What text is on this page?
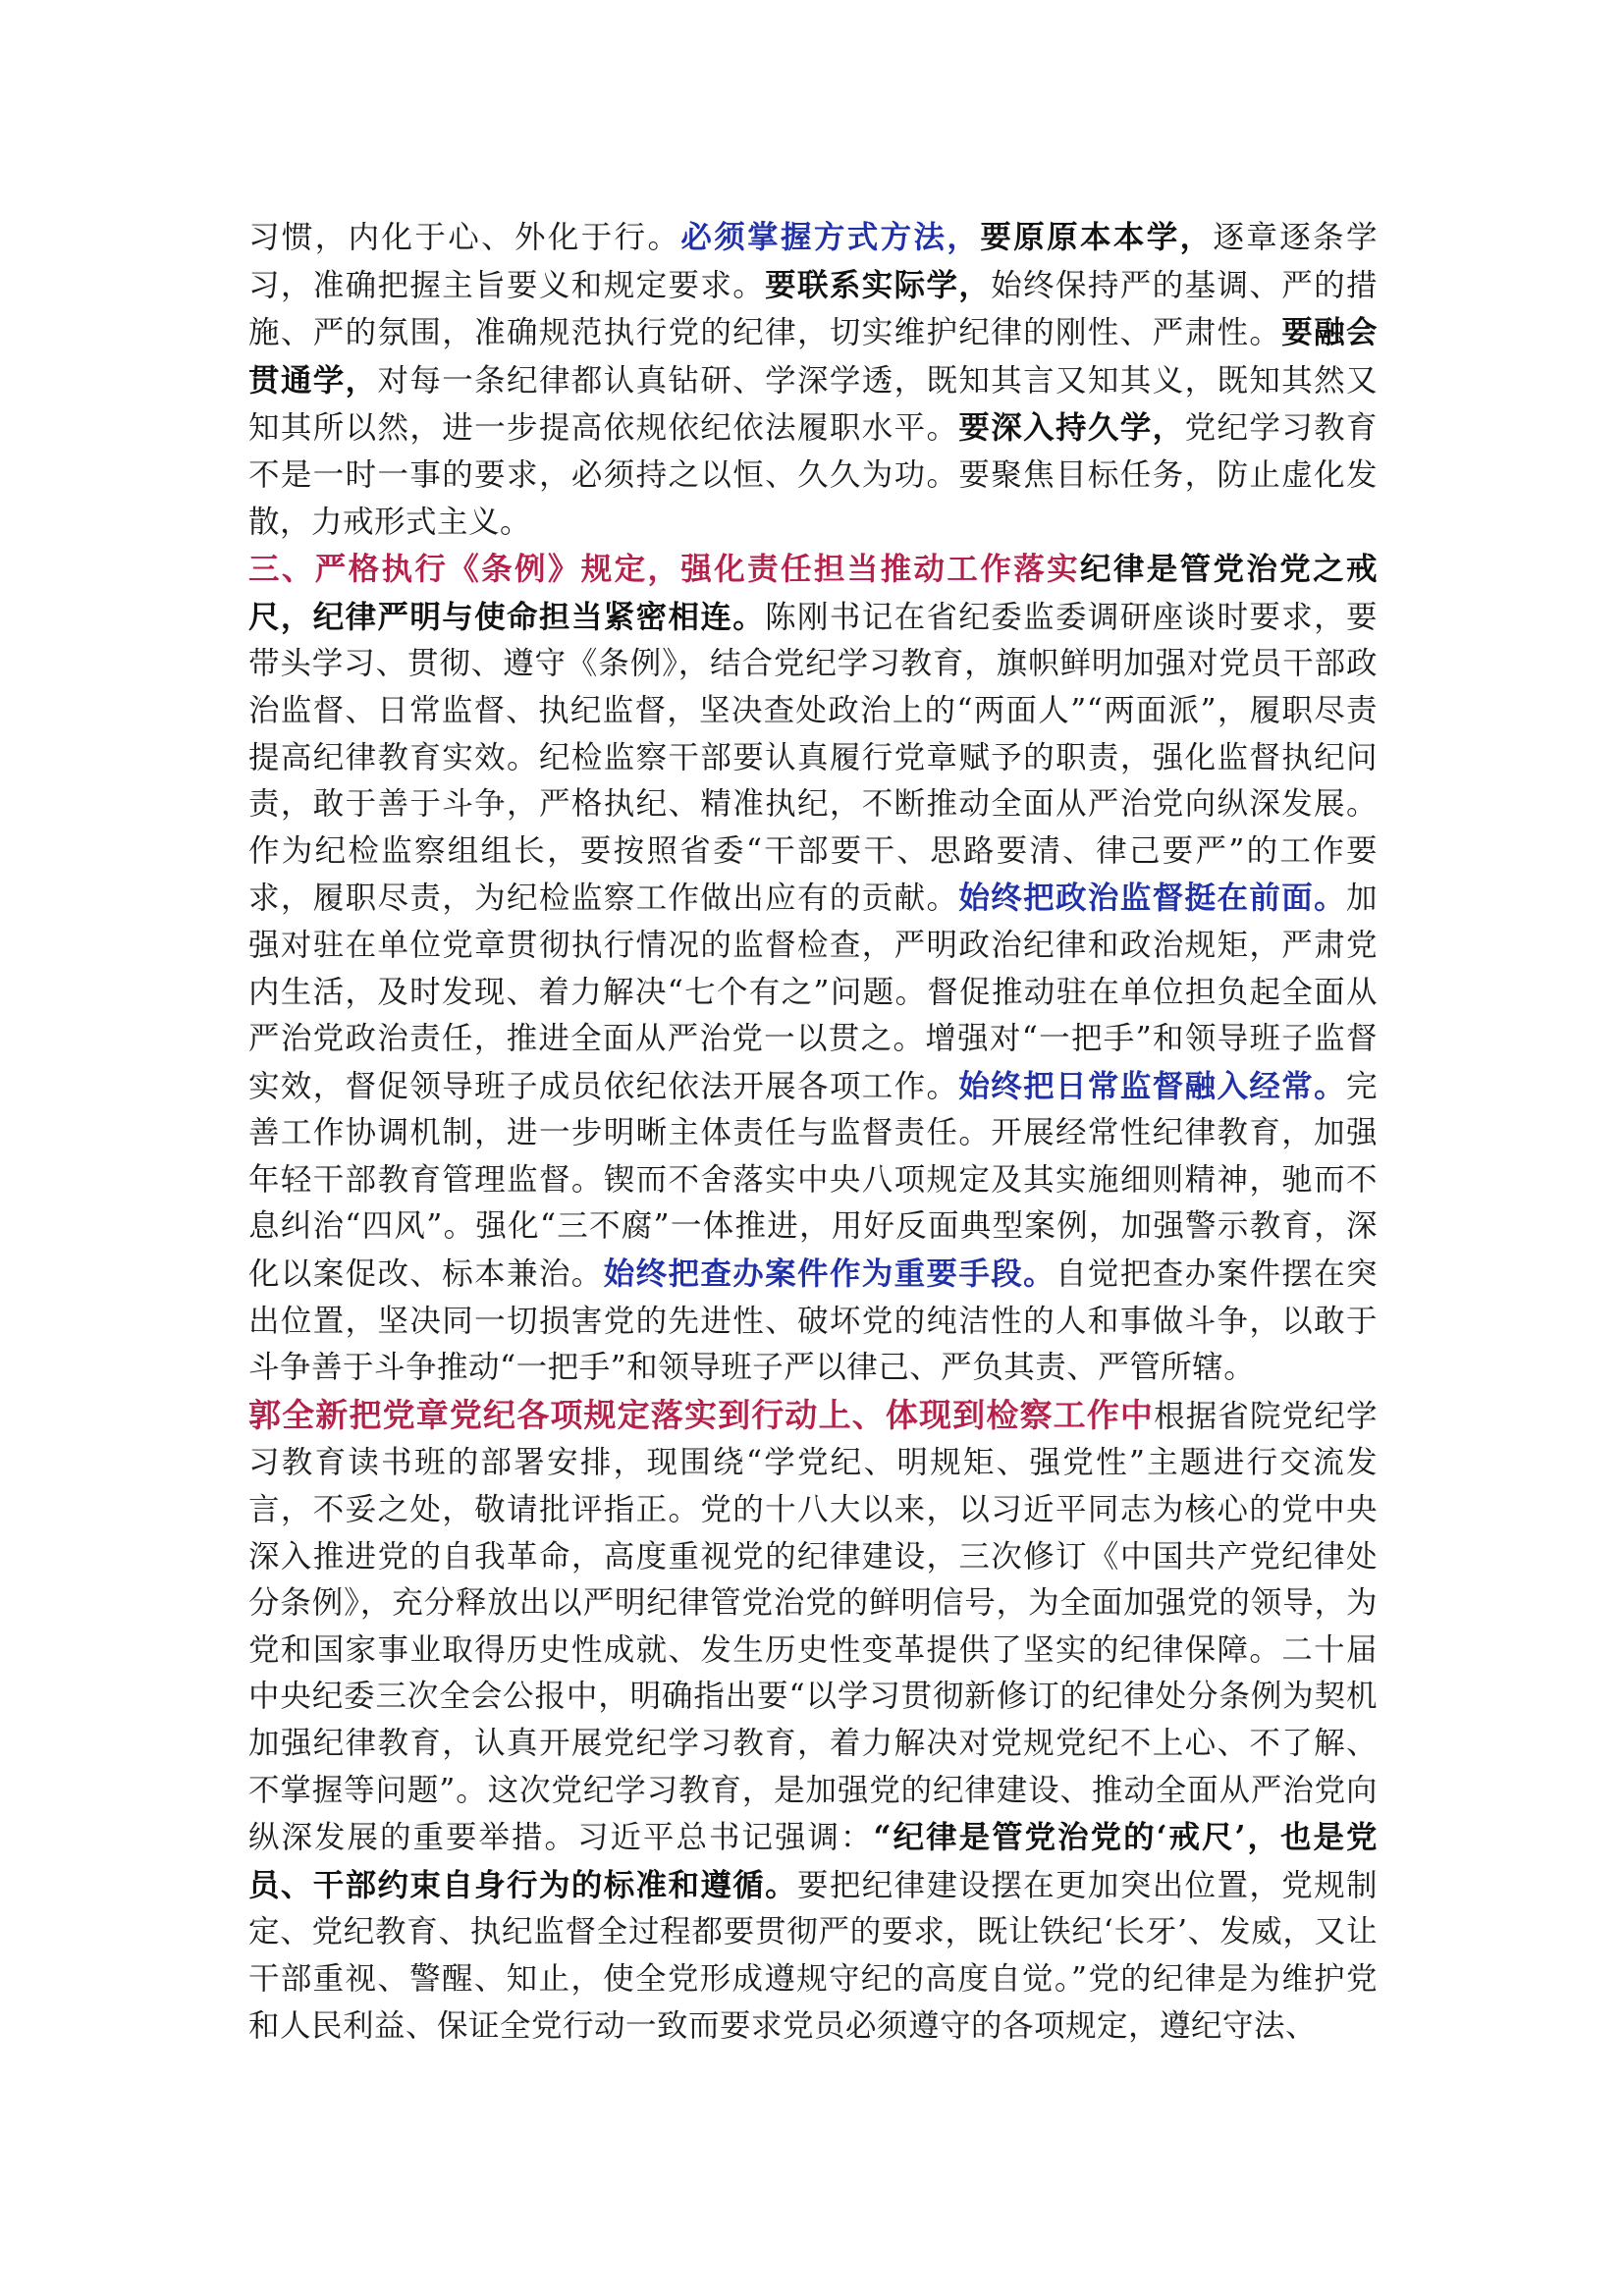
习惯，内化于心、外化于行。必须掌握方式方法，要原原本本学，逐章逐条学习，准确把握主旨要义和规定要求。要联系实际学，始终保持严的基调、严的措施、严的氛围，准确规范执行党的纪律，切实维护纪律的刚性、严肃性。要融会贯通学，对每一条纪律都认真钻研、学深学透，既知其言又知其义，既知其然又知其所以然，进一步提高依规依纪依法履职水平。要深入持久学，党纪学习教育不是一时一事的要求，必须持之以恒、久久为功。要聚焦目标任务，防止虚化发散，力戒形式主义。

三、严格执行《条例》规定，强化责任担当推动工作落实纪律是管党治党之戒尺，纪律严明与使命担当紧密相连。陈刚书记在省纪委监委调研座谈时要求，要带头学习、贯彻、遵守《条例》，结合党纪学习教育，旗帜鲜明加强对党员干部政治监督、日常监督、执纪监督，坚决查处政治上的“两面人”“两面派”，履职尽责提高纪律教育实效。纪检监察干部要认真履行党章赋予的职责，强化监督执纪问责，敢于善于斗争，严格执纪、精准执纪，不断推动全面从严治党向纵深发展。作为纪检监察组组长，要按照省委“干部要干、思路要清、律己要严”的工作要求，履职尽责，为纪检监察工作做出应有的贡献。始终把政治监督挺在前面。加强对驻在单位党章贯彻执行情况的监督检查，严明政治纪律和政治规矩，严肃党内生活，及时发现、着力解决“七个有之”问题。督促推动驻在单位担负起全面从严治党政治责任，推进全面从严治党一以贯之。增强对“一把手”和领导班子监督实效，督促领导班子成员依纪依法开展各项工作。始终把日常监督融入经常。完善工作协调机制，进一步明晰主体责任与监督责任。开展经常性纪律教育，加强年轻干部教育管理监督。锲而不舍落实中央八项规定及其实施细则精神，驰而不息纠治“四风”。强化“三不腐”一体推进，用好反面典型案例，加强警示教育，深化以案促改、标本兼治。始终把查办案件作为重要手段。自觉把查办案件摆在突出位置，坚决同一切损害党的先进性、破坏党的纯洁性的人和事做斗争，以敢于斗争善于斗争推动“一把手”和领导班子严以律己、严负其责、严管所辖。

郭全新把党章党纪各项规定落实到行动上、体现到检察工作中根据省院党纪学习教育读书班的部署安排，现围绕“学党纪、明规矩、强党性”主题进行交流发言，不妥之处，敬请批评指正。党的十八大以来，以习近平同志为核心的党中央深入推进党的自我革命，高度重视党的纪律建设，三次修订《中国共产党纪律处分条例》，充分释放出以严明纪律管党治党的鲜明信号，为全面加强党的领导，为党和国家事业取得历史性成就、发生历史性变革提供了坚实的纪律保障。二十届中央纪委三次全会公报中，明确指出要“以学习贯彻新修订的纪律处分条例为契机加强纪律教育，认真开展党纪学习教育，着力解决对党规党纪不上心、不了解、不掌握等问题”。这次党纪学习教育，是加强党的纪律建设、推动全面从严治党向纵深发展的重要举措。习近平总书记强调：“纪律是管党治党的‘戒尺’，也是党员、干部约束自身行为的标准和遵循。要把纪律建设摆在更加突出位置，党规制定、党纪教育、执纪监督全过程都要贯彻严的要求，既让铁纪‘长牙’、发威，又让干部重视、警醒、知止，使全党形成遵规守纪的高度自觉。”党的纪律是为维护党和人民利益、保证全党行动一致而要求党员必须遵守的各项规定，遵纪守法、
